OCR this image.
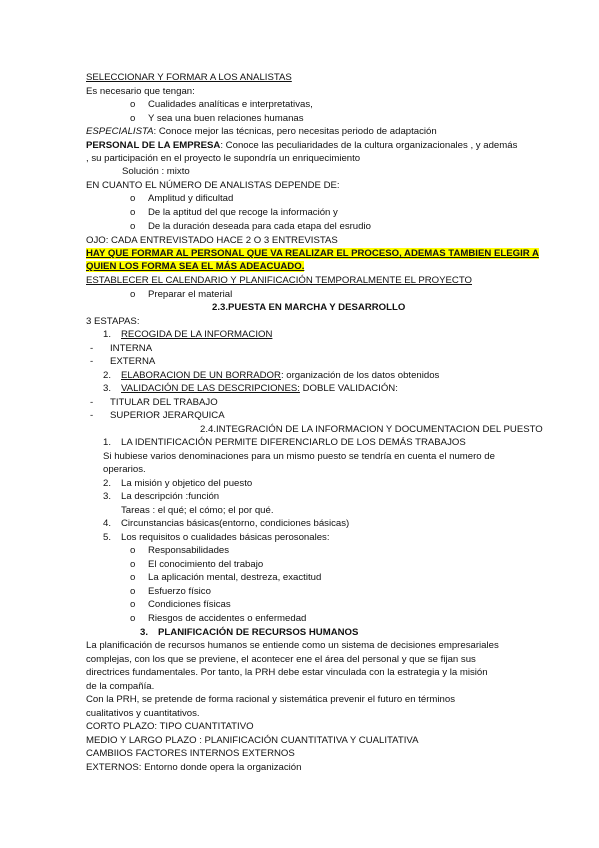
SELECCIONAR Y FORMAR A LOS ANALISTAS
Es necesario que tengan:
o Cualidades analíticas e interpretativas,
o Y sea una buen relaciones humanas
ESPECIALISTA: Conoce mejor las técnicas, pero necesitas periodo de adaptación
PERSONAL DE LA EMPRESA: Conoce las peculiaridades de la cultura organizacionales , y además
, su participación en el proyecto le supondría un enriquecimiento
Solución : mixto
EN CUANTO EL NÚMERO DE ANALISTAS DEPENDE DE:
o Amplitud y dificultad
o De la aptitud del que recoge la información y
o De la duración deseada para cada etapa del esrudio
OJO: CADA ENTREVISTADO HACE 2 O 3 ENTREVISTAS
HAY QUE FORMAR AL PERSONAL QUE VA REALIZAR EL PROCESO, ADEMAS TAMBIEN ELEGIR A
QUIEN LOS FORMA SEA EL MÁS ADEACUADO.
ESTABLECER EL CALENDARIO Y PLANIFICACIÓN TEMPORALMENTE EL PROYECTO
o Preparar el material
2.3.PUESTA EN MARCHA Y DESARROLLO
3 ESTAPAS:
1. RECOGIDA DE LA INFORMACION
- INTERNA
- EXTERNA
2. ELABORACION DE UN BORRADOR: organización de los datos obtenidos
3. VALIDACIÓN DE LAS DESCRIPCIONES: DOBLE VALIDACIÓN:
- TITULAR DEL TRABAJO
- SUPERIOR JERARQUICA
2.4.INTEGRACIÓN DE LA INFORMACION Y DOCUMENTACION DEL PUESTO
1. LA IDENTIFICACIÓN PERMITE DIFERENCIARLO DE LOS DEMÁS TRABAJOS
Si hubiese varios denominaciones para un mismo puesto se tendría en cuenta el numero de
operarios.
2. La misión y objetico del puesto
3. La descripción :función
Tareas : el qué; el cómo; el por qué.
4. Circunstancias básicas(entorno, condiciones básicas)
5. Los requisitos o cualidades básicas perosonales:
o Responsabilidades
o El conocimiento del trabajo
o La aplicación mental, destreza, exactitud
o Esfuerzo físico
o Condiciones físicas
o Riesgos de accidentes o enfermedad
3. PLANIFICACIÓN DE RECURSOS HUMANOS
La planificación de recursos humanos se entiende como un sistema de decisiones empresariales
complejas, con los que se previene, el acontecer ene el área del personal y que se fijan sus
directrices fundamentales. Por tanto, la PRH debe estar vinculada con la estrategia y la misión
de la compañía.
Con la PRH, se pretende de forma racional y sistemática prevenir el futuro en términos
cualitativos y cuantitativos.
CORTO PLAZO: TIPO CUANTITATIVO
MEDIO Y LARGO PLAZO : PLANIFICACIÓN CUANTITATIVA Y CUALITATIVA
CAMBIIOS FACTORES INTERNOS EXTERNOS
EXTERNOS: Entorno donde opera la organización
